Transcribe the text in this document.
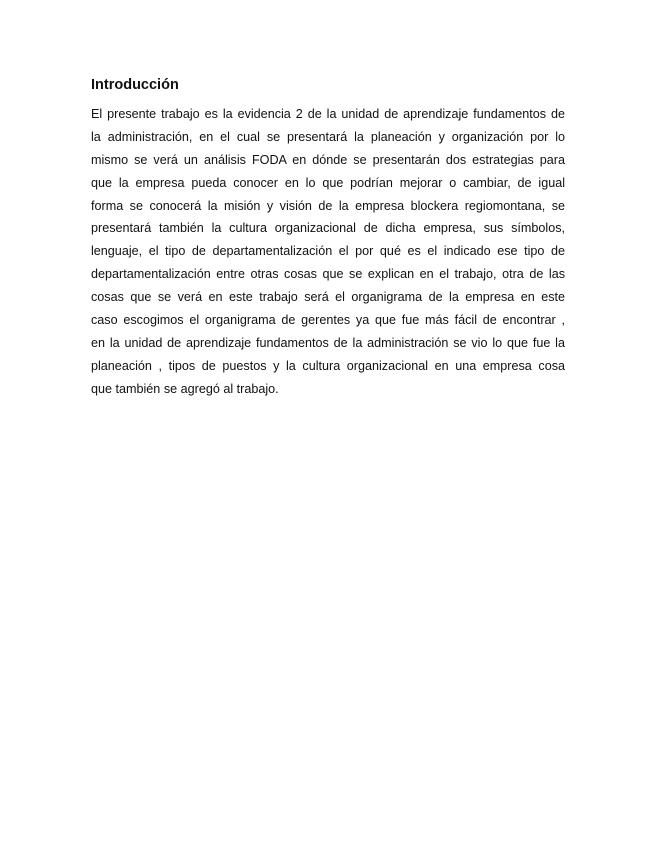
Introducción
El presente trabajo es la evidencia 2 de la unidad de aprendizaje fundamentos de
la administración, en el cual se presentará la planeación y organización por lo
mismo se verá un análisis FODA en dónde se presentarán dos estrategias para
que la empresa pueda conocer en lo que podrían mejorar o cambiar, de igual
forma se conocerá la misión y visión de la empresa blockera regiomontana, se
presentará también la cultura organizacional de dicha empresa, sus símbolos,
lenguaje, el tipo de departamentalización el por qué es el indicado ese tipo de
departamentalización entre otras cosas que se explican en el trabajo, otra de las
cosas que se verá en este trabajo será el organigrama de la empresa en este
caso escogimos el organigrama de gerentes ya que fue más fácil de encontrar ,
en la unidad de aprendizaje fundamentos de la administración se vio lo que fue la
planeación , tipos de puestos y la cultura organizacional en una empresa cosa
que también se agregó al trabajo.
